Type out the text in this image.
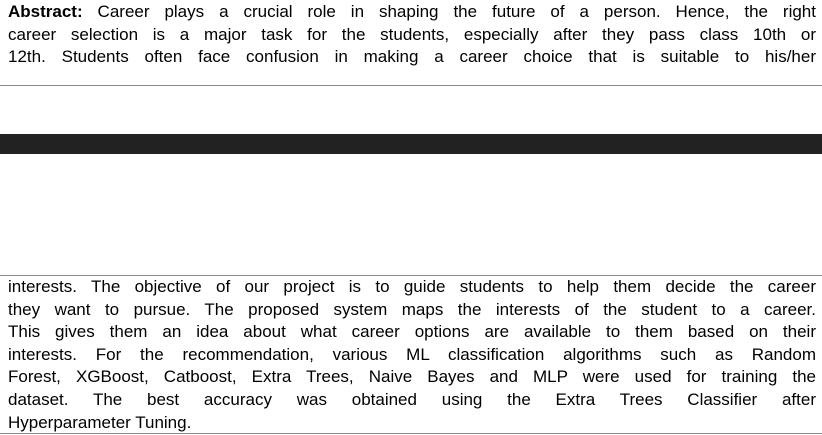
Abstract: Career plays a crucial role in shaping the future of a person. Hence, the right
career selection is a major task for the students, especially after they pass class 10th or
12th. Students often face confusion in making a career choice that is suitable to his/her
interests. The objective of our project is to guide students to help them decide the career
they want to pursue. The proposed system maps the interests of the student to a career.
This gives them an idea about what career options are available to them based on their
interests. For the recommendation, various ML classification algorithms such as Random
Forest, XGBoost, Catboost, Extra Trees, Naive Bayes and MLP were used for training the
dataset. The best accuracy was obtained using the Extra Trees Classifier after
Hyperparameter Tuning.
